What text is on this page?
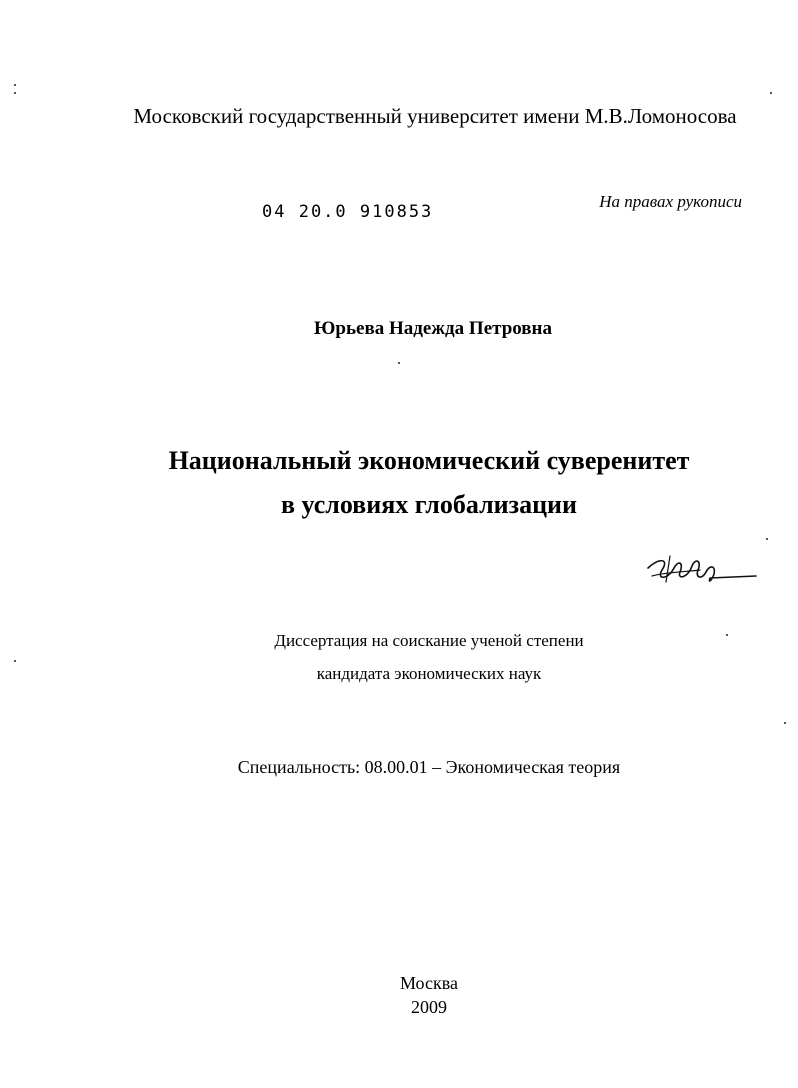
Московский государственный университет имени М.В.Ломоносова
04 20.0 910853
На правах рукописи
Юрьева Надежда Петровна
Национальный экономический суверенитет
в условиях глобализации
Диссертация на соискание ученой степени
кандидата экономических наук
Специальность: 08.00.01 – Экономическая теория
Москва
2009
